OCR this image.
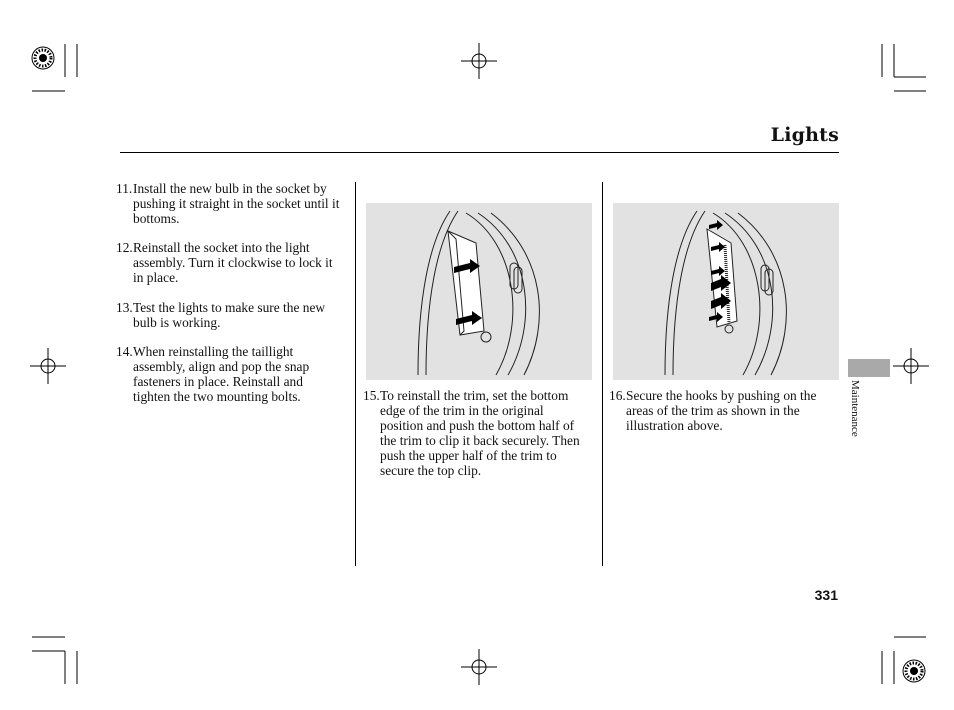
Lights
11. Install the new bulb in the socket by pushing it straight in the socket until it bottoms.
12. Reinstall the socket into the light assembly. Turn it clockwise to lock it in place.
13. Test the lights to make sure the new bulb is working.
14. When reinstalling the taillight assembly, align and pop the snap fasteners in place. Reinstall and tighten the two mounting bolts.	15. To reinstall the trim, set the bottom edge of the trim in the original position and push the bottom half of the trim to clip it back securely. Then push the upper half of the trim to secure the top clip.
16. Secure the hooks by pushing on the areas of the trim as shown in the illustration above.	Maintenance
331
